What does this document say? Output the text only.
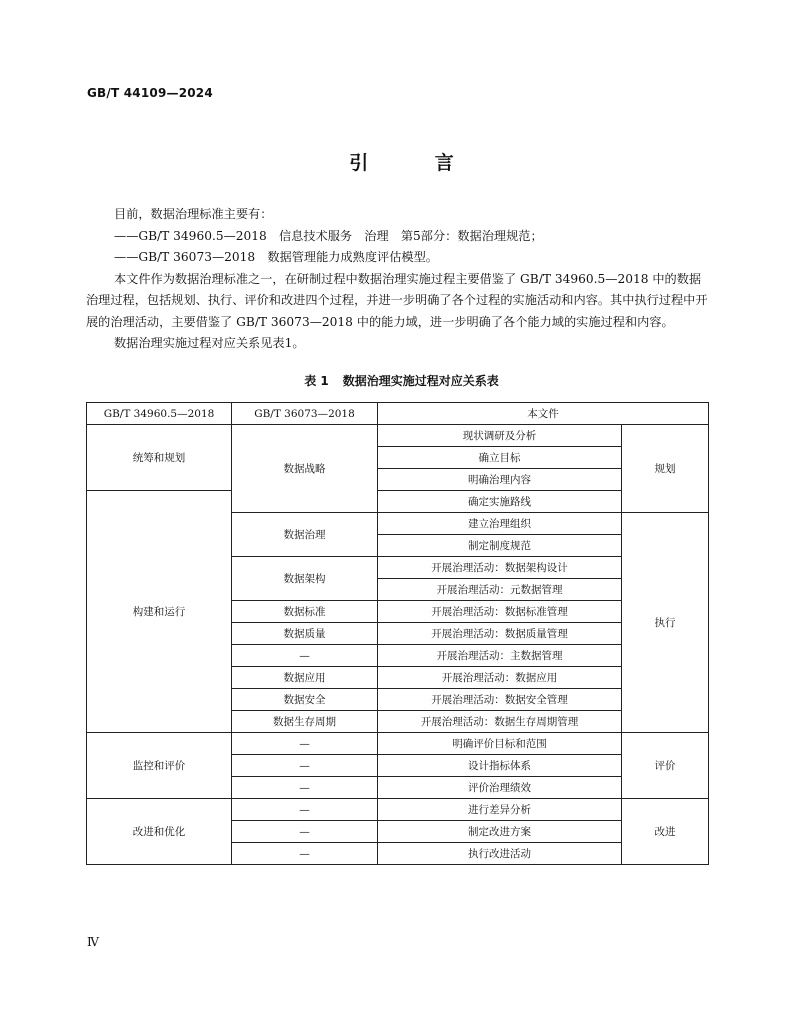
GB/T 44109—2024
引 言

目前，数据治理标准主要有：

——GB/T 34960.5—2018　信息技术服务　治理　第5部分：数据治理规范；

——GB/T 36073—2018　数据管理能力成熟度评估模型。

本文件作为数据治理标准之一，在研制过程中数据治理实施过程主要借鉴了 GB/T 34960.5—2018 中的数据治理过程，包括规划、执行、评价和改进四个过程，并进一步明确了各个过程的实施活动和内容。其中执行过程中开展的治理活动，主要借鉴了 GB/T 36073—2018 中的能力域，进一步明确了各个能力域的实施过程和内容。

数据治理实施过程对应关系见表1。

表 1 数据治理实施过程对应关系表
GB/T 34960.5—2018	GB/T 36073—2018	本文件	
统筹和规划	数据战略	现状调研及分析	规划
		确立目标	
		明确治理内容	
构建和运行		确定实施路线	
	数据治理	建立治理组织	执行
		制定制度规范	
	数据架构	开展治理活动：数据架构设计	
		开展治理活动：元数据管理	
	数据标准	开展治理活动：数据标准管理	
	数据质量	开展治理活动：数据质量管理	
	—	开展治理活动：主数据管理	
	数据应用	开展治理活动：数据应用	
	数据安全	开展治理活动：数据安全管理	
	数据生存周期	开展治理活动：数据生存周期管理	
监控和评价	—	明确评价目标和范围	评价
	—	设计指标体系	
	—	评价治理绩效	
改进和优化	—	进行差异分析	改进
	—	制定改进方案	
	—	执行改进活动	
Ⅳ
